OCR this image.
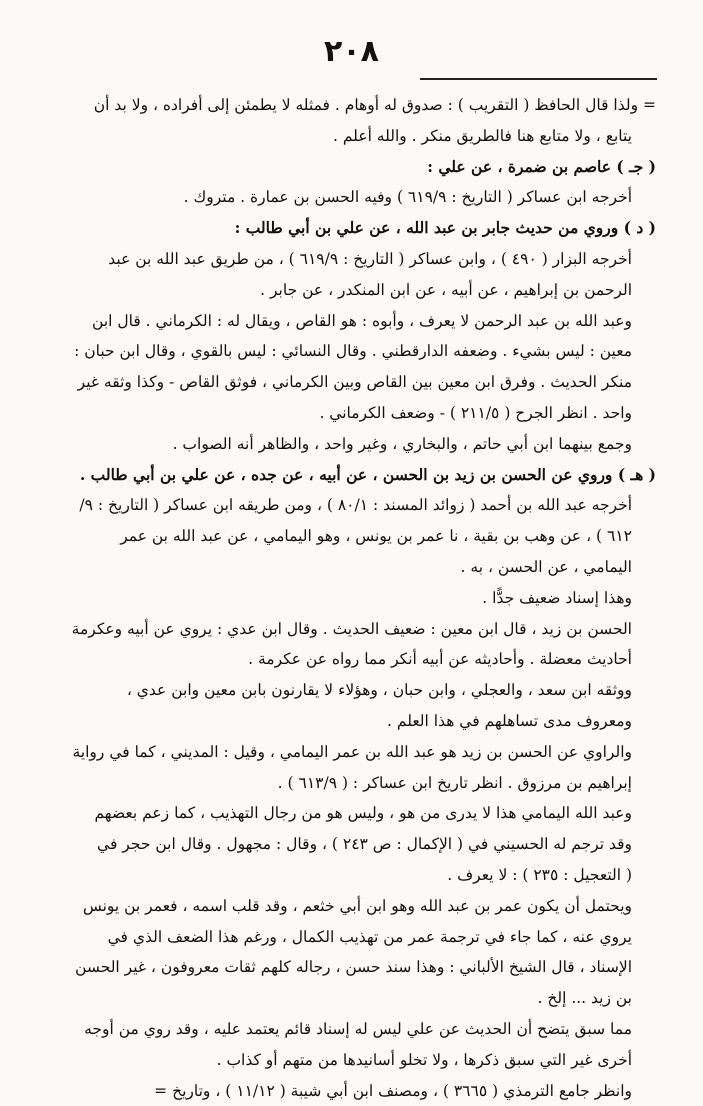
٢٠٨
= ولذا قال الحافظ ( التقريب ) : صدوق له أوهام . فمثله لا يطمئن إلى أفراده ، ولا بد أن
يتابع ، ولا متابع هنا فالطريق منكر . والله أعلم .
( جـ ) عاصم بن ضمرة ، عن علي :
أخرجه ابن عساكر ( التاريخ : ٦١٩/٩ ) وفيه الحسن بن عمارة . متروك .
( د ) وروي من حديث جابر بن عبد الله ، عن علي بن أبي طالب :
أخرجه البزار ( ٤٩٠ ) ، وابن عساكر ( التاريخ : ٦١٩/٩ ) ، من طريق عبد الله بن عبد
الرحمن بن إبراهيم ، عن أبيه ، عن ابن المنكدر ، عن جابر .
وعبد الله بن عبد الرحمن لا يعرف ، وأبوه : هو القاص ، ويقال له : الكرماني . قال ابن
معين : ليس بشيء . وضعفه الدارقطني . وقال النسائي : ليس بالقوي ، وقال ابن حبان :
منكر الحديث . وفرق ابن معين بين القاص وبين الكرماني ، فوثق القاص - وكذا وثقه غير
واحد . انظر الجرح ( ٢١١/٥ ) - وضعف الكرماني .
وجمع بينهما ابن أبي حاتم ، والبخاري ، وغير واحد ، والظاهر أنه الصواب .
( هـ ) وروي عن الحسن بن زيد بن الحسن ، عن أبيه ، عن جده ، عن علي بن أبي طالب .
أخرجه عبد الله بن أحمد ( زوائد المسند : ٨٠/١ ) ، ومن طريقه ابن عساكر ( التاريخ : ٩/
٦١٢ ) ، عن وهب بن بقية ، نا عمر بن يونس ، وهو اليمامي ، عن عبد الله بن عمر
اليمامي ، عن الحسن ، به .
وهذا إسناد ضعيف جدًّا .
الحسن بن زيد ، قال ابن معين : ضعيف الحديث . وقال ابن عدي : يروي عن أبيه وعكرمة
أحاديث معضلة . وأحاديثه عن أبيه أنكر مما رواه عن عكرمة .
ووثقه ابن سعد ، والعجلي ، وابن حبان ، وهؤلاء لا يقارنون بابن معين وابن عدي ،
ومعروف مدى تساهلهم في هذا العلم .
والراوي عن الحسن بن زيد هو عبد الله بن عمر اليمامي ، وقيل : المديني ، كما في رواية
إبراهيم بن مرزوق . انظر تاريخ ابن عساكر : ( ٦١٣/٩ ) .
وعبد الله اليمامي هذا لا يدرى من هو ، وليس هو من رجال التهذيب ، كما زعم بعضهم
وقد ترجم له الحسيني في ( الإكمال : ص ٢٤٣ ) ، وقال : مجهول . وقال ابن حجر في
( التعجيل : ٢٣٥ ) : لا يعرف .
ويحتمل أن يكون عمر بن عبد الله وهو ابن أبي خثعم ، وقد قلب اسمه ، فعمر بن يونس
يروي عنه ، كما جاء في ترجمة عمر من تهذيب الكمال ، ورغم هذا الضعف الذي في
الإسناد ، قال الشيخ الألباني : وهذا سند حسن ، رجاله كلهم ثقات معروفون ، غير الحسن
بن زيد ... إلخ .
مما سبق يتضح أن الحديث عن علي ليس له إسناد قائم يعتمد عليه ، وقد روي من أوجه
أخرى غير التي سبق ذكرها ، ولا تخلو أسانيدها من متهم أو كذاب .
وانظر جامع الترمذي ( ٣٦٦٥ ) ، ومصنف ابن أبي شيبة ( ١١/١٢ ) ، وتاريخ =
